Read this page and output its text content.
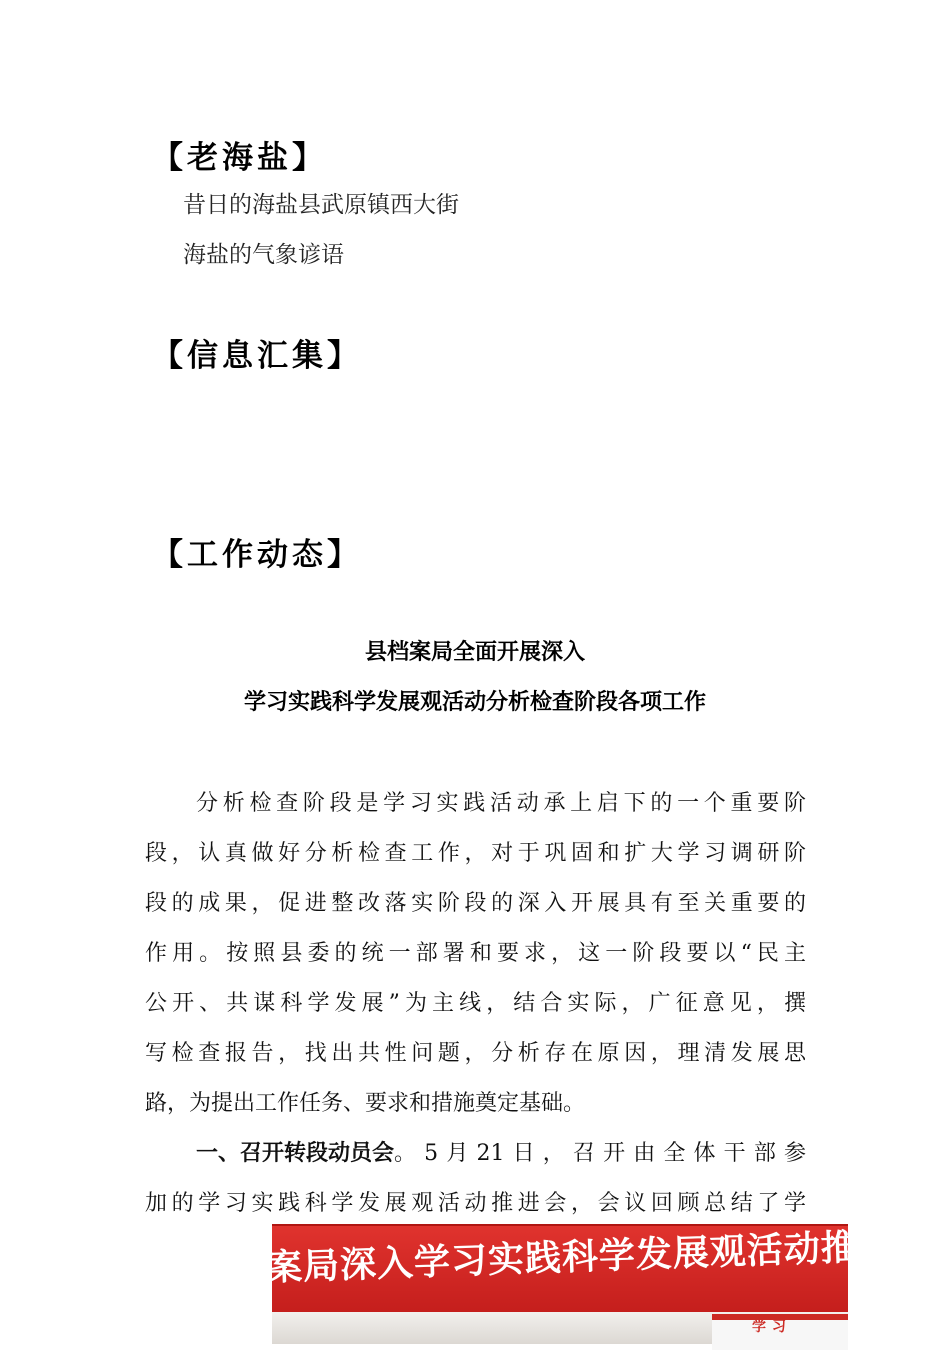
【老海盐】
昔日的海盐县武原镇西大街
海盐的气象谚语
【信息汇集】
【工作动态】
县档案局全面开展深入
学习实践科学发展观活动分析检查阶段各项工作
分析检查阶段是学习实践活动承上启下的一个重要阶
段，认真做好分析检查工作，对于巩固和扩大学习调研阶
段的成果，促进整改落实阶段的深入开展具有至关重要的
作用。按照县委的统一部署和要求，这一阶段要以“民主
公开、共谋科学发展”为主线，结合实际，广征意见，撰
写检查报告，找出共性问题，分析存在原因，理清发展思
路，为提出工作任务、要求和措施奠定基础。
一、召开转段动员会 。5月21日，召开由全体干部参
加的学习实践科学发展观活动推进会，会议回顾总结了学
案局深入学习实践科学发展观活动推进会
学习
